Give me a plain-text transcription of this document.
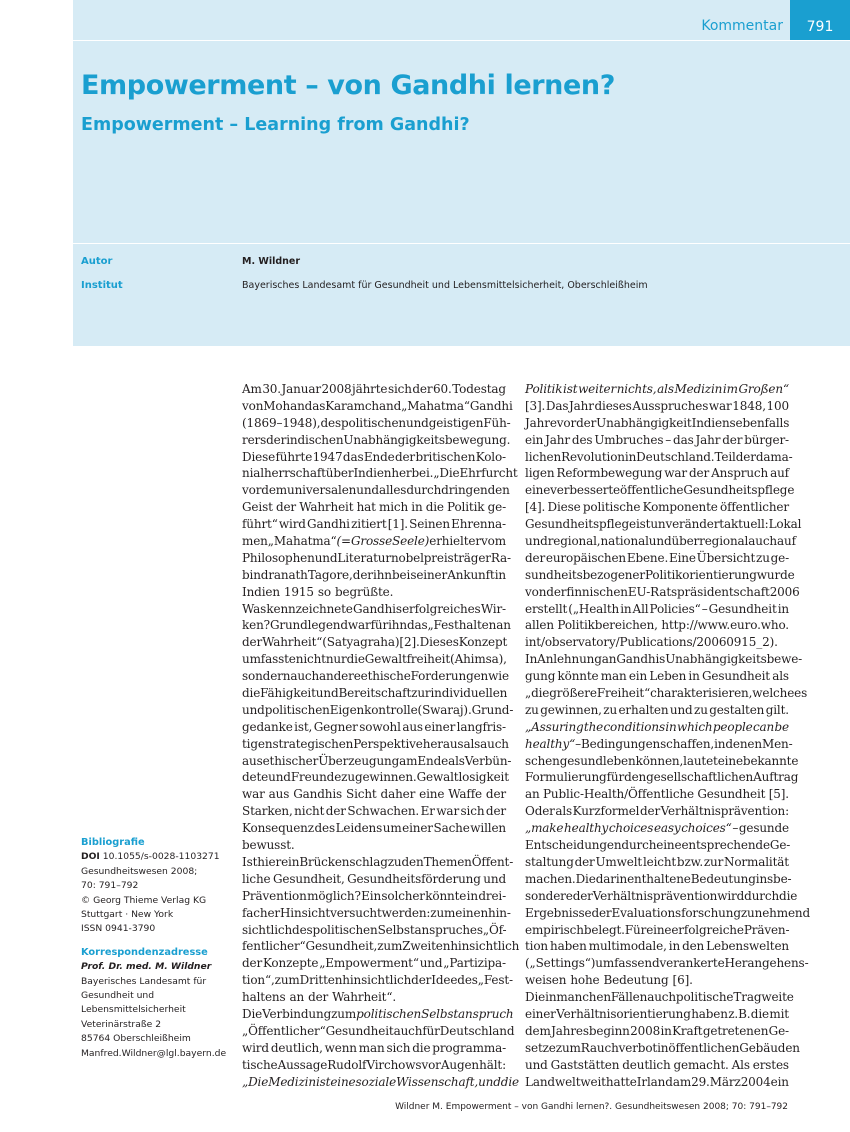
Kommentar	791
Empowerment – von Gandhi lernen?
Empowerment – Learning from Gandhi?
Autor	M. Wildner
Institut	Bayerisches Landesamt für Gesundheit und Lebensmittelsicherheit, Oberschleißheim
Bibliografie
DOI 10.1055/s-0028-1103271
Gesundheitswesen 2008;
70: 791–792
© Georg Thieme Verlag KG
Stuttgart · New York
ISSN 0941-3790
Korrespondenzadresse
Prof. Dr. med. M. Wildner
Bayerisches Landesamt für
Gesundheit und
Lebensmittelsicherheit
Veterinärstraße 2
85764 Oberschleißheim
Manfred.Wildner@lgl.bayern.de
Am 30. Januar 2008 jährte sich der 60. Todestag
von Mohandas Karamchand „Mahatma“ Gandhi
(1869–1948), des politischen und geistigen Füh-
rers der indischen Unabhängigkeitsbewegung.
Diese führte 1947 das Ende der britischen Kolo-
nialherrschaft über Indien herbei. „Die Ehrfurcht
vor dem universalen und alles durchdringenden
Geist der Wahrheit hat mich in die Politik ge-
führt“ wird Gandhi zitiert [1]. Seinen Ehrenna-
men „Mahatma“ (=Grosse Seele) erhielt er vom
Philosophen und Literaturnobelpreisträger Ra-
bindranath Tagore, der ihn bei seiner Ankunft in
Indien 1915 so begrüßte.
Was kennzeichnete Gandhis erfolgreiches Wir-
ken? Grundlegend war für ihn das „Festhalten an
der Wahrheit“ (Satyagraha) [2]. Dieses Konzept
umfasste nicht nur die Gewaltfreiheit (Ahimsa),
sondern auch andere ethische Forderungen wie
die Fähigkeit und Bereitschaft zur individuellen
und politischen Eigenkontrolle (Swaraj). Grund-
gedanke ist, Gegner sowohl aus einer langfris-
tigen strategischen Perspektive heraus als auch
aus ethischer Überzeugung am Ende als Verbün-
dete und Freunde zu gewinnen. Gewaltlosigkeit
war aus Gandhis Sicht daher eine Waffe der
Starken, nicht der Schwachen. Er war sich der
Konsequenz des Leidens um einer Sache willen
bewusst.
Ist hier ein Brückenschlag zu den Themen Öffent-
liche Gesundheit, Gesundheitsförderung und
Prävention möglich? Ein solcher könnte in drei-
facher Hinsicht versucht werden: zum einen hin-
sichtlich des politischen Selbstanspruches „Öf-
fentlicher“ Gesundheit, zum Zweiten hinsichtlich
der Konzepte „Empowerment“ und „Partizipa-
tion“, zum Dritten hinsichtlich der Idee des „Fest-
haltens an der Wahrheit“.
Die Verbindung zum politischen Selbstanspruch
„Öffentlicher“ Gesundheit auch für Deutschland
wird deutlich, wenn man sich die programma-
tische Aussage Rudolf Virchows vor Augen hält:
„Die Medizin ist eine soziale Wissenschaft, und die
Politik ist weiter nichts, als Medizin im Großen“
[3]. Das Jahr dieses Ausspruches war 1848, 100
Jahre vor der Unabhängigkeit Indiens ebenfalls
ein Jahr des Umbruches – das Jahr der bürger-
lichen Revolution in Deutschland. Teil der dama-
ligen Reformbewegung war der Anspruch auf
eine verbesserte öffentliche Gesundheitspflege
[4]. Diese politische Komponente öffentlicher
Gesundheitspflege ist unverändert aktuell: Lokal
und regional, national und überregional auch auf
der europäischen Ebene. Eine Übersicht zu ge-
sundheitsbezogener Politikorientierung wurde
von der finnischen EU-Ratspräsidentschaft 2006
erstellt („Health in All Policies“ – Gesundheit in
allen Politikbereichen, http://www.euro.who.
int/observatory/Publications/20060915_2).
In Anlehnung an Gandhis Unabhängigkeitsbewe-
gung könnte man ein Leben in Gesundheit als
„die größere Freiheit“ charakterisieren, welche es
zu gewinnen, zu erhalten und zu gestalten gilt.
„Assuring the conditions in which people can be
healthy“ – Bedingungen schaffen, in denen Men-
schen gesund leben können, lautet eine bekannte
Formulierung für den gesellschaftlichen Auftrag
an Public-Health/Öffentliche Gesundheit [5].
Oder als Kurzformel der Verhältnisprävention:
„make healthy choices easy choices“ – gesunde
Entscheidungen durch eine entsprechende Ge-
staltung der Umwelt leicht bzw. zur Normalität
machen. Die darin enthaltene Bedeutung insbe-
sondere der Verhältnisprävention wird durch die
Ergebnisse der Evaluationsforschung zunehmend
empirisch belegt. Für eine erfolgreiche Präven-
tion haben multimodale, in den Lebenswelten
(„Settings“) umfassend verankerte Herangehens-
weisen hohe Bedeutung [6].
Die in manchen Fällen auch politische Tragweite
einer Verhältnisorientierung haben z.B. die mit
dem Jahresbeginn 2008 in Kraft getretenen Ge-
setze zum Rauchverbot in öffentlichen Gebäuden
und Gaststätten deutlich gemacht. Als erstes
Land weltweit hatte Irland am 29. März 2004 ein
Wildner M. Empowerment – von Gandhi lernen?. Gesundheitswesen 2008; 70: 791–792
